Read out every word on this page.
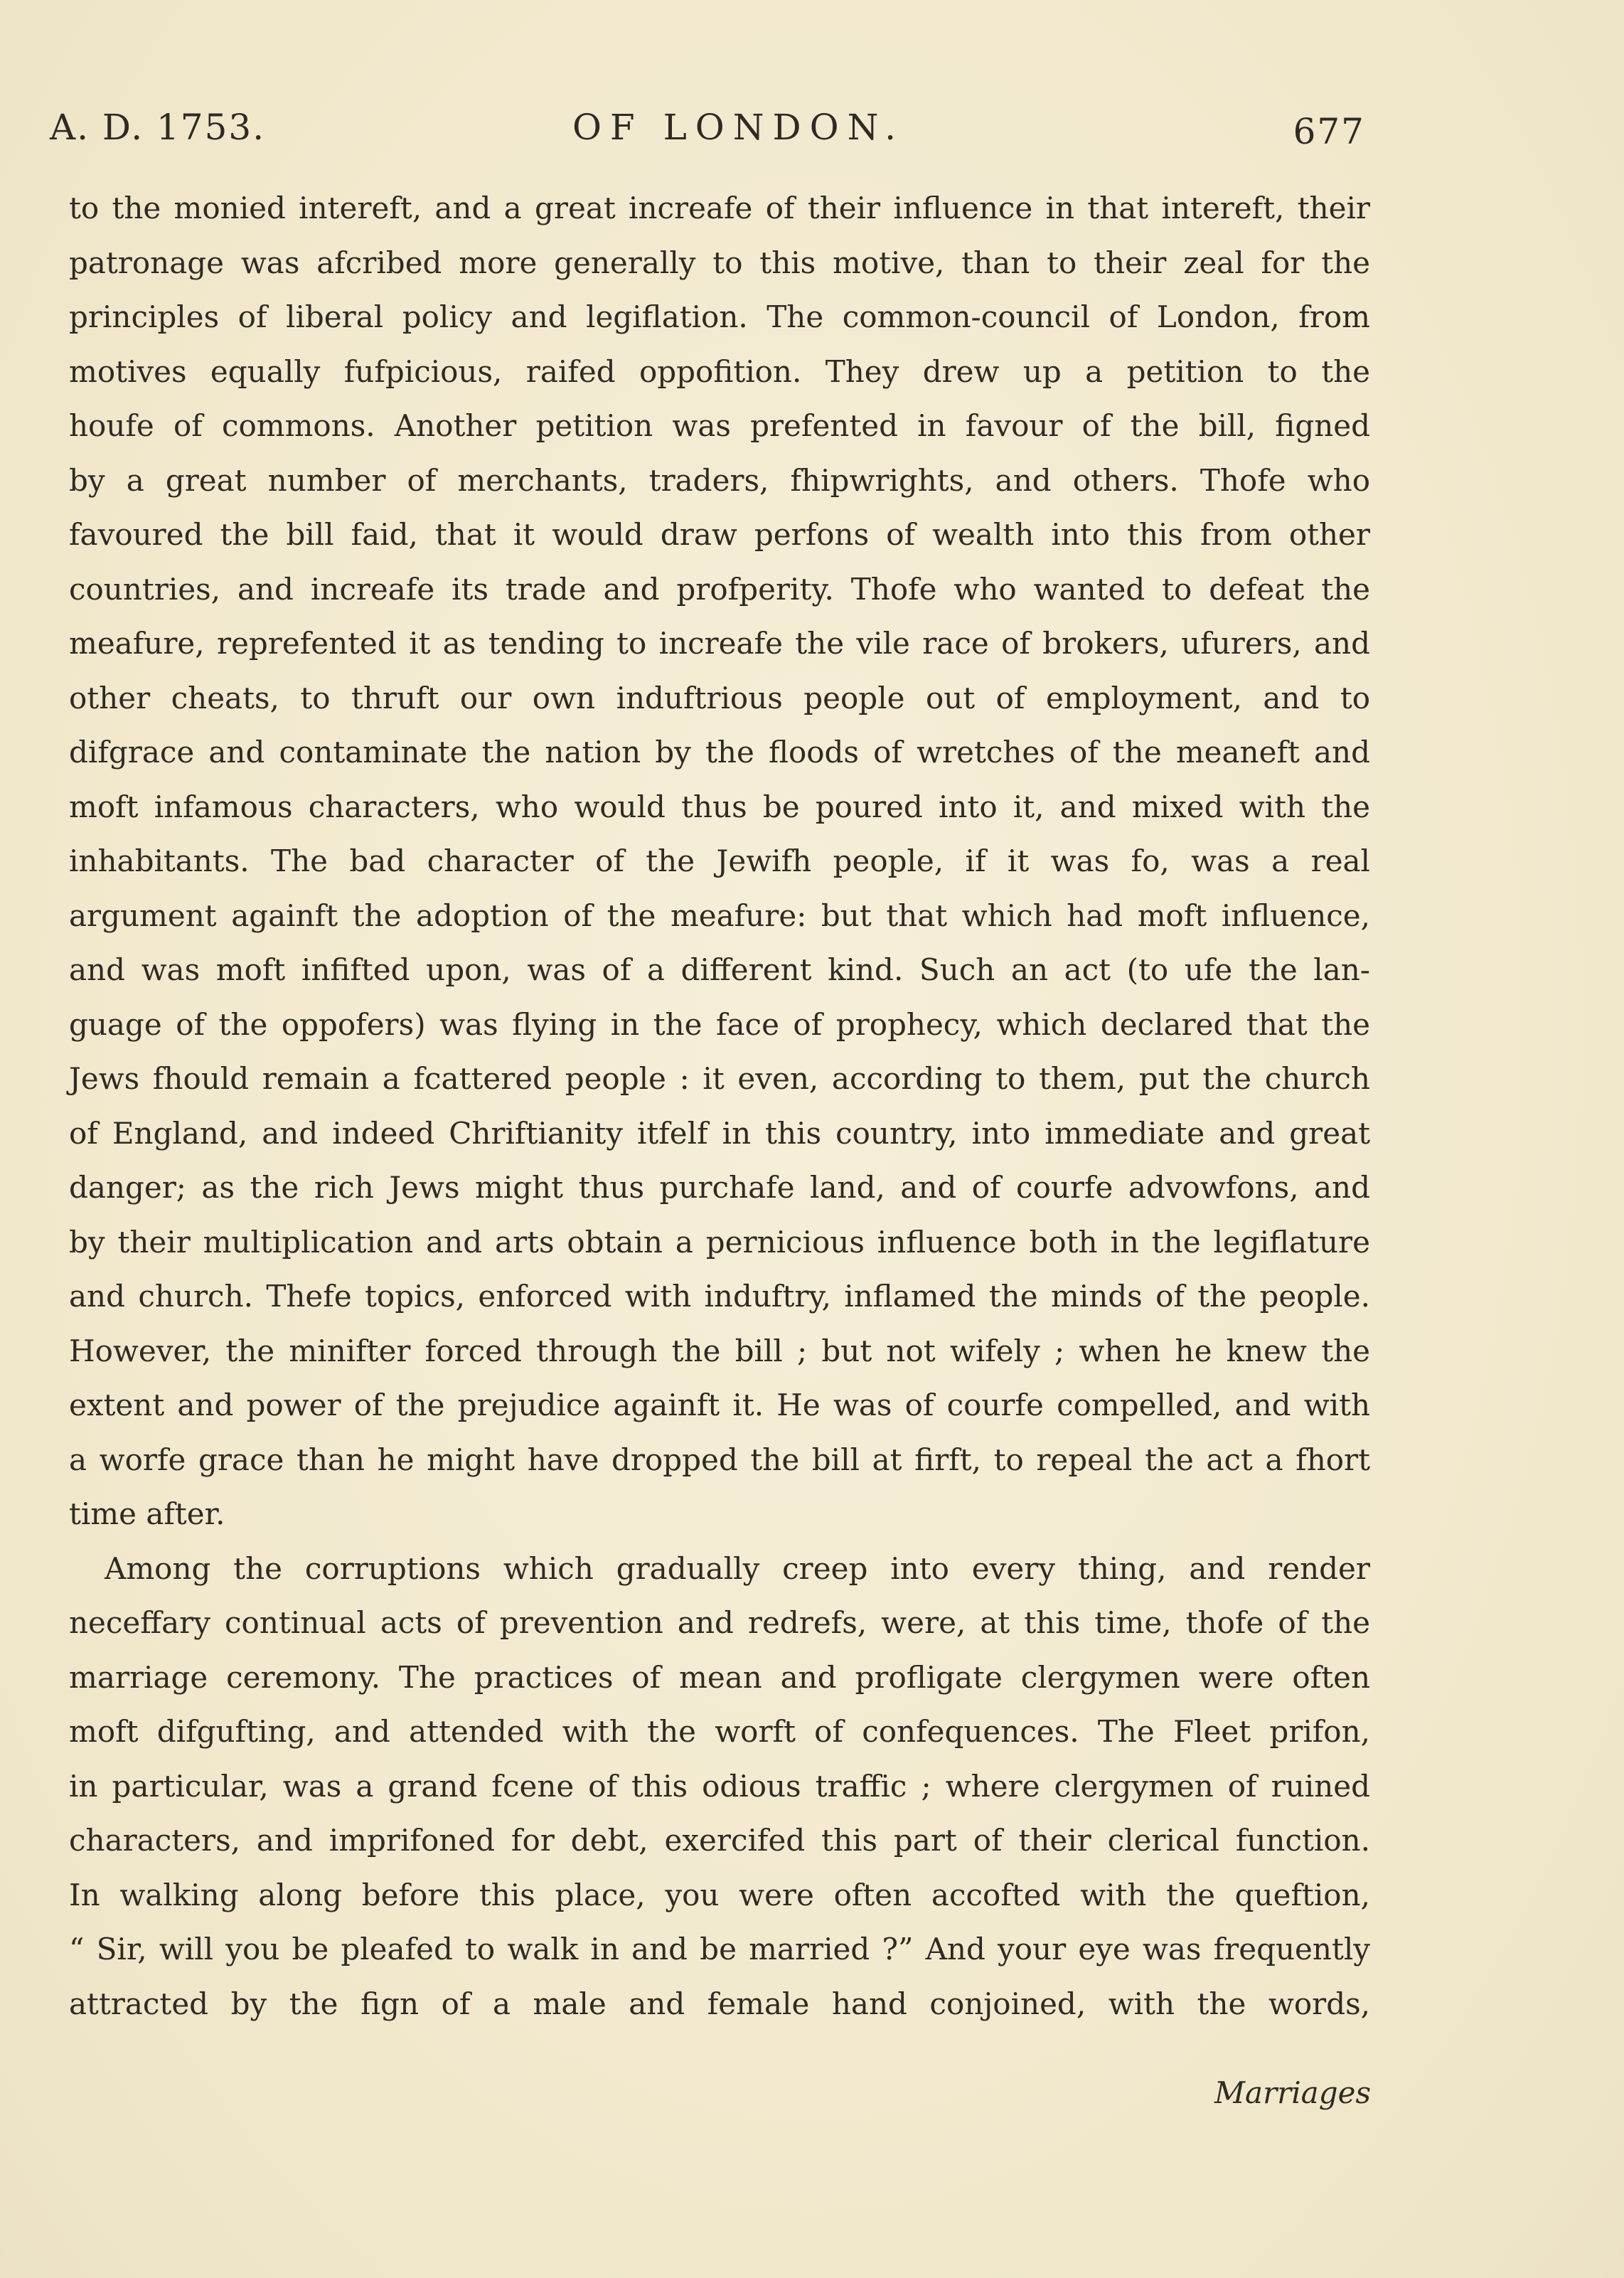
A. D. 1753.	OF LONDON.	677
to the monied intereft, and a great increafe of their influence in that intereft, their
patronage was afcribed more generally to this motive, than to their zeal for the
principles of liberal policy and legiflation. The common-council of London, from
motives equally fufpicious, raifed oppofition. They drew up a petition to the
houfe of commons. Another petition was prefented in favour of the bill, figned
by a great number of merchants, traders, fhipwrights, and others. Thofe who
favoured the bill faid, that it would draw perfons of wealth into this from other
countries, and increafe its trade and profperity. Thofe who wanted to defeat the
meafure, reprefented it as tending to increafe the vile race of brokers, ufurers, and
other cheats, to thruft our own induftrious people out of employment, and to
difgrace and contaminate the nation by the floods of wretches of the meaneft and
moft infamous characters, who would thus be poured into it, and mixed with the
inhabitants. The bad character of the Jewifh people, if it was fo, was a real
argument againft the adoption of the meafure: but that which had moft influence,
and was moft infifted upon, was of a different kind. Such an act (to ufe the lan-
guage of the oppofers) was flying in the face of prophecy, which declared that the
Jews fhould remain a fcattered people : it even, according to them, put the church
of England, and indeed Chriftianity itfelf in this country, into immediate and great
danger; as the rich Jews might thus purchafe land, and of courfe advowfons, and
by their multiplication and arts obtain a pernicious influence both in the legiflature
and church. Thefe topics, enforced with induftry, inflamed the minds of the people.
However, the minifter forced through the bill ; but not wifely ; when he knew the
extent and power of the prejudice againft it. He was of courfe compelled, and with
a worfe grace than he might have dropped the bill at firft, to repeal the act a fhort
time after.
Among the corruptions which gradually creep into every thing, and render
neceffary continual acts of prevention and redrefs, were, at this time, thofe of the
marriage ceremony. The practices of mean and profligate clergymen were often
moft difgufting, and attended with the worft of confequences. The Fleet prifon,
in particular, was a grand fcene of this odious traffic ; where clergymen of ruined
characters, and imprifoned for debt, exercifed this part of their clerical function.
In walking along before this place, you were often accofted with the queftion,
“ Sir, will you be pleafed to walk in and be married ?” And your eye was frequently
attracted by the fign of a male and female hand conjoined, with the words,
Marriages
